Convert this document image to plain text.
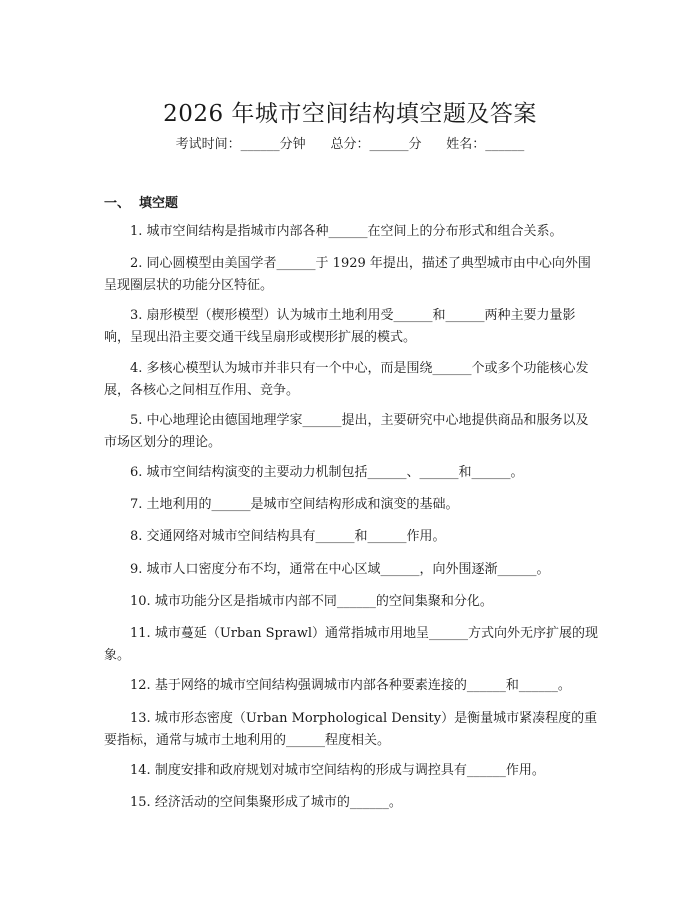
2026 年城市空间结构填空题及答案
考试时间：______分钟 总分：______分 姓名：______
一、  填空题

1. 城市空间结构是指城市内部各种______在空间上的分布形式和组合关系。

2. 同心圆模型由美国学者______于 1929 年提出，描述了典型城市由中心向外围呈现圈层状的功能分区特征。

3. 扇形模型（楔形模型）认为城市土地利用受______和______两种主要力量影响，呈现出沿主要交通干线呈扇形或楔形扩展的模式。

4. 多核心模型认为城市并非只有一个中心，而是围绕______个或多个功能核心发展，各核心之间相互作用、竞争。

5. 中心地理论由德国地理学家______提出，主要研究中心地提供商品和服务以及市场区划分的理论。

6. 城市空间结构演变的主要动力机制包括______、______和______。

7. 土地利用的______是城市空间结构形成和演变的基础。

8. 交通网络对城市空间结构具有______和______作用。

9. 城市人口密度分布不均，通常在中心区域______，向外围逐渐______。

10. 城市功能分区是指城市内部不同______的空间集聚和分化。

11. 城市蔓延（Urban Sprawl）通常指城市用地呈______方式向外无序扩展的现象。

12. 基于网络的城市空间结构强调城市内部各种要素连接的______和______。

13. 城市形态密度（Urban Morphological Density）是衡量城市紧凑程度的重要指标，通常与城市土地利用的______程度相关。

14. 制度安排和政府规划对城市空间结构的形成与调控具有______作用。

15. 经济活动的空间集聚形成了城市的______。
